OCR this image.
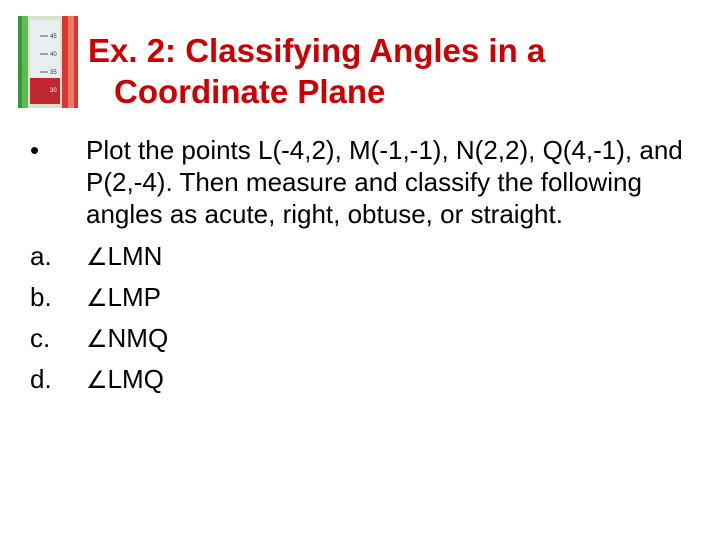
45
40
35
30
Ex. 2: Classifying Angles in a
Coordinate Plane
•	Plot the points L(-4,2), M(-1,-1), N(2,2), Q(4,-1), and P(2,-4). Then measure and classify the following angles as acute, right, obtuse, or straight.
a.	∠LMN
b.	∠LMP
c.	∠NMQ
d.	∠LMQ
